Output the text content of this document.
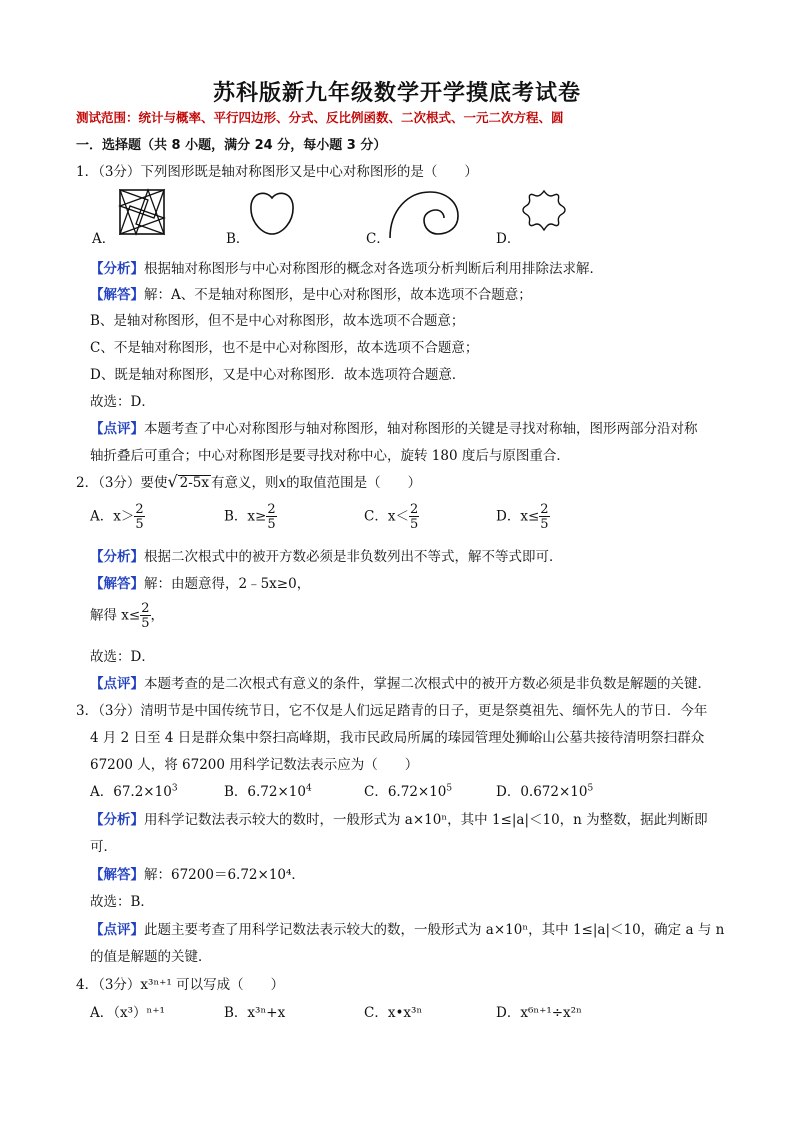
苏科版新九年级数学开学摸底考试卷
测试范围：统计与概率、平行四边形、分式、反比例函数、二次根式、一元二次方程、圆
一．选择题（共 8 小题，满分 24 分，每小题 3 分）
1．（3分）下列图形既是轴对称图形又是中心对称图形的是（　　）
A．	B．	C．	D．
【分析】根据轴对称图形与中心对称图形的概念对各选项分析判断后利用排除法求解．
【解答】解：A、不是轴对称图形，是中心对称图形，故本选项不合题意；
B、是轴对称图形，但不是中心对称图形，故本选项不合题意；
C、不是轴对称图形，也不是中心对称图形，故本选项不合题意；
D、既是轴对称图形，又是中心对称图形．故本选项符合题意．
故选：D．
【点评】本题考查了中心对称图形与轴对称图形，轴对称图形的关键是寻找对称轴，图形两部分沿对称
轴折叠后可重合；中心对称图形是要寻找对称中心，旋转 180 度后与原图重合．
2．（3分）要使√ 2-5x 有意义，则x的取值范围是（　　）
A．$x> \frac{2}{5}$	B．$x\ge \frac{2}{5}$	C．$x< \frac{2}{5}$	D．$x\le \frac{2}{5}$
【分析】根据二次根式中的被开方数必须是非负数列出不等式，解不等式即可．
【解答】解：由题意得，2﹣5x≥0，
解得 $x\le \frac{2}{5}$ ，
故选：D．
【点评】本题考查的是二次根式有意义的条件，掌握二次根式中的被开方数必须是非负数是解题的关键．
3．（3分）清明节是中国传统节日，它不仅是人们远足踏青的日子，更是祭奠祖先、缅怀先人的节日．今年
4 月 2 日至 4 日是群众集中祭扫高峰期，我市民政局所属的瑧园管理处狮峪山公墓共接待清明祭扫群众
67200 人，将 67200 用科学记数法表示应为（　　）
A．$67.2\times 10^3$	B．$6.72\times 10^4$	C．$6.72\times 10^5$	D．$0.672\times 10^5$
【分析】用科学记数法表示较大的数时，一般形式为 a×10ⁿ，其中 1≤|a|＜10，n 为整数，据此判断即
可．
【解答】解：67200＝6.72×10⁴．
故选：B．
【点评】此题主要考查了用科学记数法表示较大的数，一般形式为 a×10ⁿ，其中 1≤|a|＜10，确定 a 与 n
的值是解题的关键．
4．（3分）x³ⁿ⁺¹ 可以写成（　　）
A．（x³）ⁿ⁺¹	B．x³ⁿ+x	C．x•x³ⁿ	D．x⁶ⁿ⁺¹÷x²ⁿ
